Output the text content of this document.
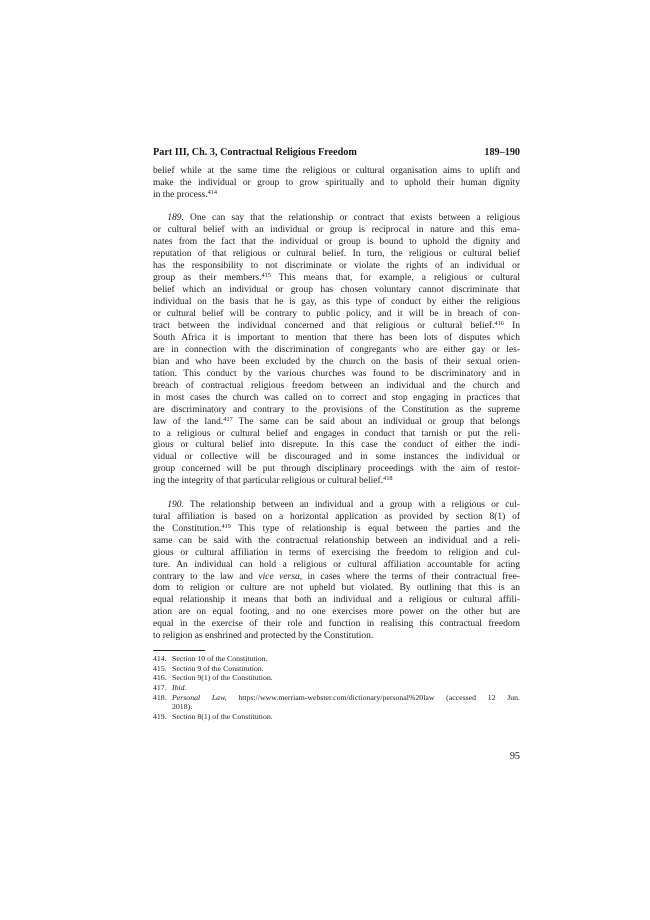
Part III, Ch. 3, Contractual Religious Freedom	189–190
belief while at the same time the religious or cultural organisation aims to uplift and
make the individual or group to grow spiritually and to uphold their human dignity
in the process.$^{414}$
  189. One can say that the relationship or contract that exists between a religious
or cultural belief with an individual or group is reciprocal in nature and this ema-
nates from the fact that the individual or group is bound to uphold the dignity and
reputation of that religious or cultural belief. In turn, the religious or cultural belief
has the responsibility to not discriminate or violate the rights of an individual or
group as their members.$^{415}$ This means that, for example, a religious or cultural
belief which an individual or group has chosen voluntary cannot discriminate that
individual on the basis that he is gay, as this type of conduct by either the religious
or cultural belief will be contrary to public policy, and it will be in breach of con-
tract between the individual concerned and that religious or cultural belief.$^{416}$ In
South Africa it is important to mention that there has been lots of disputes which
are in connection with the discrimination of congregants who are either gay or les-
bian and who have been excluded by the church on the basis of their sexual orien-
tation. This conduct by the various churches was found to be discriminatory and in
breach of contractual religious freedom between an individual and the church and
in most cases the church was called on to correct and stop engaging in practices that
are discriminatory and contrary to the provisions of the Constitution as the supreme
law of the land.$^{417}$ The same can be said about an individual or group that belongs
to a religious or cultural belief and engages in conduct that tarnish or put the reli-
gious or cultural belief into disrepute. In this case the conduct of either the indi-
vidual or collective will be discouraged and in some instances the individual or
group concerned will be put through disciplinary proceedings with the aim of restor-
ing the integrity of that particular religious or cultural belief.$^{418}$
  190. The relationship between an individual and a group with a religious or cul-
tural affiliation is based on a horizontal application as provided by section 8(1) of
the Constitution.$^{419}$ This type of relationship is equal between the parties and the
same can be said with the contractual relationship between an individual and a reli-
gious or cultural affiliation in terms of exercising the freedom to religion and cul-
ture. An individual can hold a religious or cultural affiliation accountable for acting
contrary to the law and vice versa, in cases where the terms of their contractual free-
dom to religion or culture are not upheld but violated. By outlining that this is an
equal relationship it means that both an individual and a religious or cultural affili-
ation are on equal footing, and no one exercises more power on the other but are
equal in the exercise of their role and function in realising this contractual freedom
to religion as enshrined and protected by the Constitution.
414. Section 10 of the Constitution.
415. Section 9 of the Constitution.
416. Section 9(1) of the Constitution.
417. Ibid.
418. Personal Law, https://www.merriam-webster.com/dictionary/personal%20law (accessed 12 Jun.
2018).
419. Section 8(1) of the Constitution.
95
